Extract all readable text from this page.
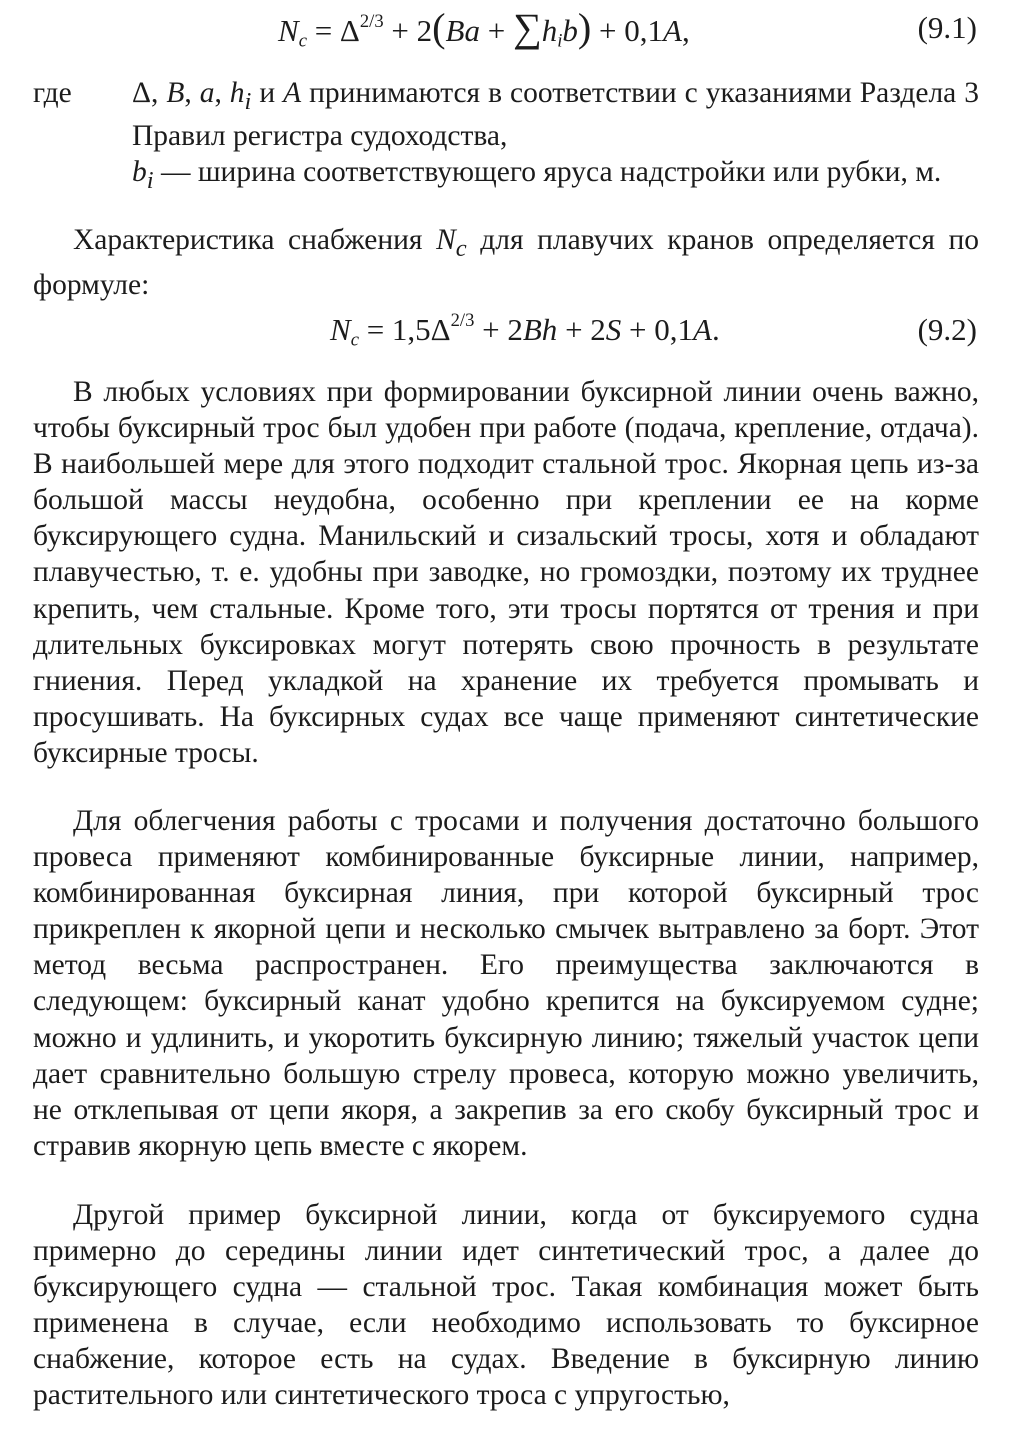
$N_c = \Delta^{2/3} + 2(Ba + \sum h_ib) + 0,1A$,	(9.1)
где Δ, B, a, $h_i$ и A принимаются в соответствии с указаниями Раздела 3 Правил регистра судоходства,

$b_i$ — ширина соответствующего яруса надстройки или рубки, м.

Характеристика снабжения $N_c$ для плавучих кранов определяется по формуле:

$N_c = 1,5\Delta^{2/3} + 2Bh + 2S + 0,1A$.	(9.2)

В любых условиях при формировании буксирной линии очень важно, чтобы буксирный трос был удобен при работе (подача, крепление, отдача). В наибольшей мере для этого подходит стальной трос. Якорная цепь из-за большой массы неудобна, особенно при креплении ее на корме буксирующего судна. Манильский и сизальский тросы, хотя и обладают плавучестью, т. е. удобны при заводке, но громоздки, поэтому их труднее крепить, чем стальные. Кроме того, эти тросы портятся от трения и при длительных буксировках могут потерять свою прочность в результате гниения. Перед укладкой на хранение их требуется промывать и просушивать. На буксирных судах все чаще применяют синтетические буксирные тросы.

Для облегчения работы с тросами и получения достаточно большого провеса применяют комбинированные буксирные линии, например, комбинированная буксирная линия, при которой буксирный трос прикреплен к якорной цепи и несколько смычек вытравлено за борт. Этот метод весьма распространен. Его преимущества заключаются в следующем: буксирный канат удобно крепится на буксируемом судне; можно и удлинить, и укоротить буксирную линию; тяжелый участок цепи дает сравнительно большую стрелу провеса, которую можно увеличить, не отклепывая от цепи якоря, а закрепив за его скобу буксирный трос и стравив якорную цепь вместе с якорем.

Другой пример буксирной линии, когда от буксируемого судна примерно до середины линии идет синтетический трос, а далее до буксирующего судна — стальной трос. Такая комбинация может быть применена в случае, если необходимо использовать то буксирное снабжение, которое есть на судах. Введение в буксирную линию растительного или синтетического троса с упругостью,
